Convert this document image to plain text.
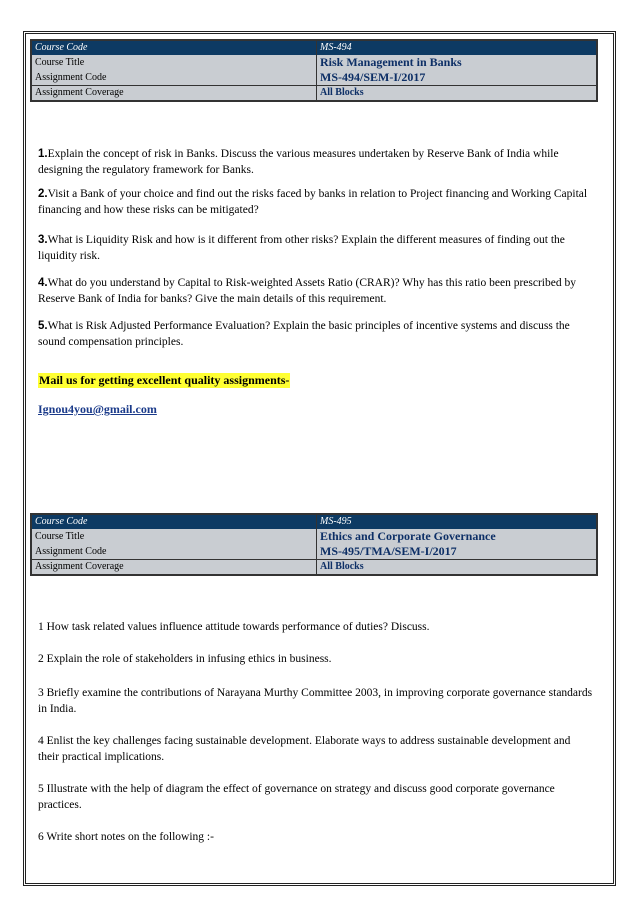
Course Code	MS-494
Course Title	Risk Management in Banks
Assignment Code	MS-494/SEM-I/2017
Assignment Coverage	All Blocks

1.Explain the concept of risk in Banks. Discuss the various measures undertaken by Reserve Bank of India while designing the regulatory framework for Banks.

2.Visit a Bank of your choice and find out the risks faced by banks in relation to Project financing and Working Capital financing and how these risks can be mitigated?

3.What is Liquidity Risk and how is it different from other risks? Explain the different measures of finding out the liquidity risk.

4.What do you understand by Capital to Risk-weighted Assets Ratio (CRAR)? Why has this ratio been prescribed by Reserve Bank of India for banks? Give the main details of this requirement.

5.What is Risk Adjusted Performance Evaluation? Explain the basic principles of incentive systems and discuss the sound compensation principles.

Mail us for getting excellent quality assignments-
Ignou4you@gmail.com
Course Code	MS-495
Course Title	Ethics and Corporate Governance
Assignment Code	MS-495/TMA/SEM-I/2017
Assignment Coverage	All Blocks

1 How task related values influence attitude towards performance of duties? Discuss.

2 Explain the role of stakeholders in infusing ethics in business.

3 Briefly examine the contributions of Narayana Murthy Committee 2003, in improving corporate governance standards in India.

4 Enlist the key challenges facing sustainable development. Elaborate ways to address sustainable development and their practical implications.

5 Illustrate with the help of diagram the effect of governance on strategy and discuss good corporate governance practices.

6 Write short notes on the following :-
